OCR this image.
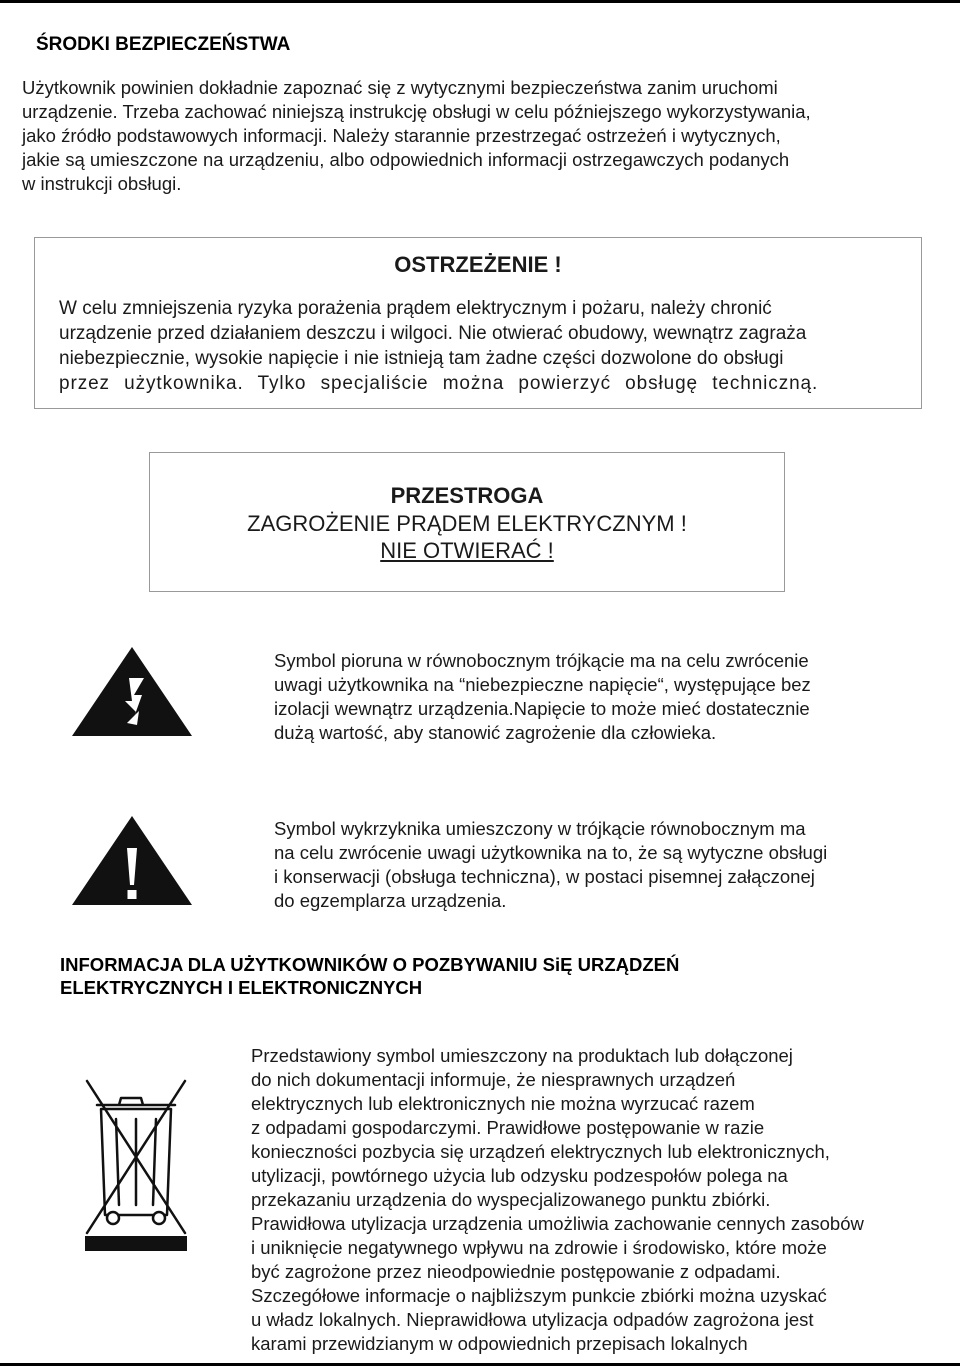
ŚRODKI BEZPIECZEŃSTWA

Użytkownik powinien dokładnie zapoznać się z wytycznymi bezpieczeństwa zanim uruchomi
urządzenie. Trzeba zachować niniejszą instrukcję obsługi w celu późniejszego wykorzystywania,
jako źródło podstawowych informacji. Należy starannie przestrzegać ostrzeżeń i wytycznych,
jakie są umieszczone na urządzeniu, albo odpowiednich informacji ostrzegawczych podanych
w instrukcji obsługi.

OSTRZEŻENIE !

W celu zmniejszenia ryzyka porażenia prądem elektrycznym i pożaru, należy chronić
urządzenie przed działaniem deszczu i wilgoci. Nie otwierać obudowy, wewnątrz zagraża
niebezpiecznie, wysokie napięcie i nie istnieją tam żadne części dozwolone do obsługi
przez użytkownika. Tylko specjaliście można powierzyć obsługę techniczną.

PRZESTROGA
ZAGROŻENIE PRĄDEM ELEKTRYCZNYM !
NIE OTWIERAĆ !

Symbol pioruna w równobocznym trójkącie ma na celu zwrócenie
uwagi użytkownika na “niebezpieczne napięcie“, występujące bez
izolacji wewnątrz urządzenia.Napięcie to może mieć dostatecznie
dużą wartość, aby stanowić zagrożenie dla człowieka.

Symbol wykrzyknika umieszczony w trójkącie równobocznym ma
na celu zwrócenie uwagi użytkownika na to, że są wytyczne obsługi
i konserwacji (obsługa techniczna), w postaci pisemnej załączonej
do egzemplarza urządzenia.

INFORMACJA DLA UŻYTKOWNIKÓW O POZBYWANIU SiĘ URZĄDZEŃ
ELEKTRYCZNYCH I ELEKTRONICZNYCH

Przedstawiony symbol umieszczony na produktach lub dołączonej
do nich dokumentacji informuje, że niesprawnych urządzeń
elektrycznych lub elektronicznych nie można wyrzucać razem
z odpadami gospodarczymi. Prawidłowe postępowanie w razie
konieczności pozbycia się urządzeń elektrycznych lub elektronicznych,
utylizacji, powtórnego użycia lub odzysku podzespołów polega na
przekazaniu urządzenia do wyspecjalizowanego punktu zbiórki.
Prawidłowa utylizacja urządzenia umożliwia zachowanie cennych zasobów
i uniknięcie negatywnego wpływu na zdrowie i środowisko, które może
być zagrożone przez nieodpowiednie postępowanie z odpadami.
Szczegółowe informacje o najbliższym punkcie zbiórki można uzyskać
u władz lokalnych. Nieprawidłowa utylizacja odpadów zagrożona jest
karami przewidzianym w odpowiednich przepisach lokalnych
